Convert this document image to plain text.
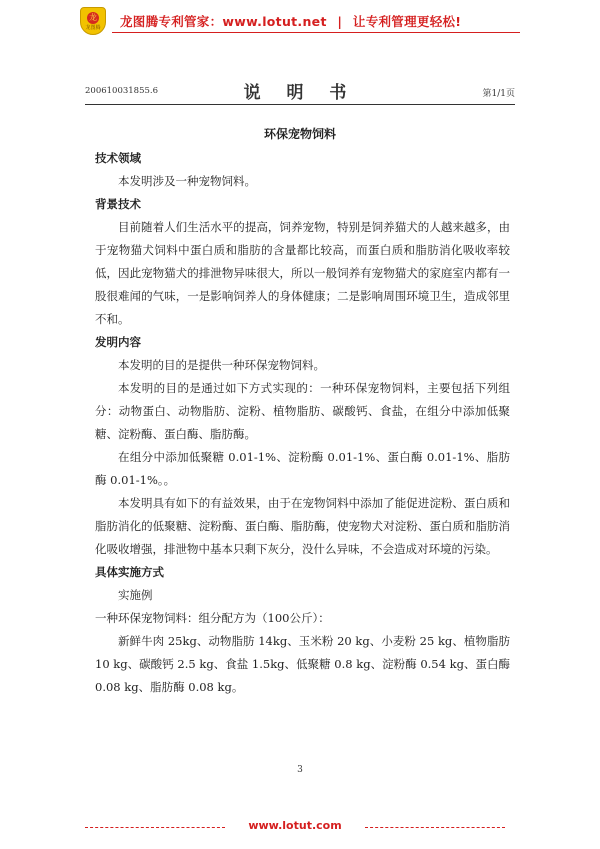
龙
龙图腾	龙图腾专利管家：www.lotut.net | 让专利管理更轻松!
200610031855.6	说 明 书	第1/1页
环保宠物饲料

技术领域

本发明涉及一种宠物饲料。

背景技术

目前随着人们生活水平的提高，饲养宠物，特别是饲养猫犬的人越来越多，由于宠物猫犬饲料中蛋白质和脂肪的含量都比较高，而蛋白质和脂肪消化吸收率较低，因此宠物猫犬的排泄物异味很大，所以一般饲养有宠物猫犬的家庭室内都有一股很难闻的气味，一是影响饲养人的身体健康；二是影响周围环境卫生，造成邻里不和。

发明内容

本发明的目的是提供一种环保宠物饲料。

本发明的目的是通过如下方式实现的：一种环保宠物饲料，主要包括下列组分：动物蛋白、动物脂肪、淀粉、植物脂肪、碳酸钙、食盐，在组分中添加低聚糖、淀粉酶、蛋白酶、脂肪酶。

在组分中添加低聚糖 0.01-1%、淀粉酶 0.01-1%、蛋白酶 0.01-1%、脂肪酶 0.01-1%。。

本发明具有如下的有益效果，由于在宠物饲料中添加了能促进淀粉、蛋白质和脂肪消化的低聚糖、淀粉酶、蛋白酶、脂肪酶，使宠物犬对淀粉、蛋白质和脂肪消化吸收增强，排泄物中基本只剩下灰分，没什么异味，不会造成对环境的污染。

具体实施方式

实施例

一种环保宠物饲料：组分配方为（100公斤）：

新鲜牛肉 25kg、动物脂肪 14kg、玉米粉 20 kg、小麦粉 25 kg、植物脂肪 10 kg、碳酸钙 2.5 kg、食盐 1.5kg、低聚糖 0.8 kg、淀粉酶 0.54 kg、蛋白酶 0.08 kg、脂肪酶 0.08 kg。

3
www.lotut.com
